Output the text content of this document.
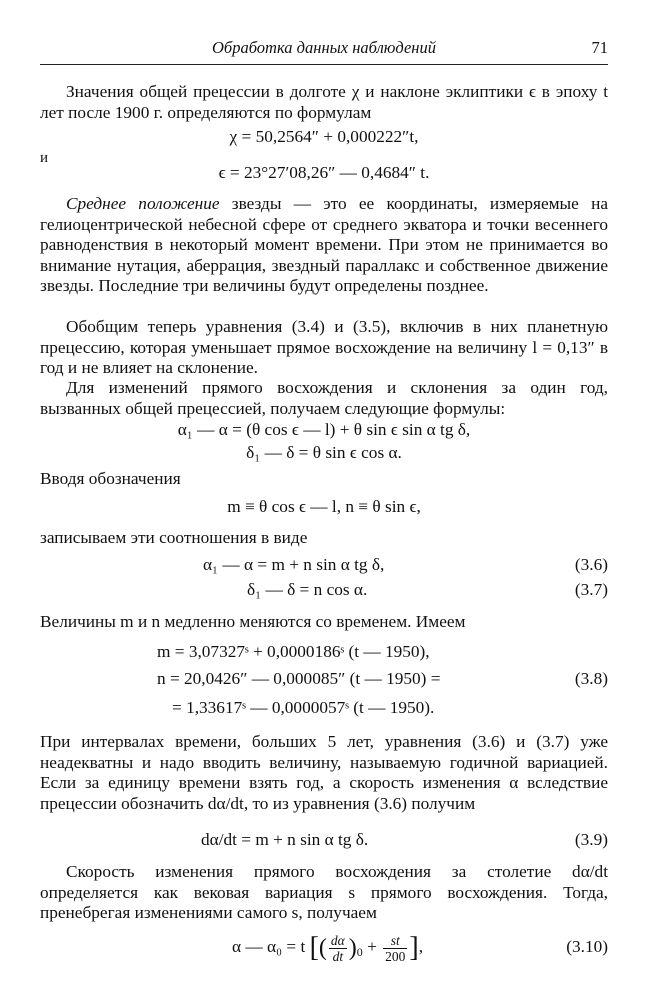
Обработка данных наблюдений	71
Значения общей прецессии в долготе χ и наклоне эклиптики ϵ в эпоху t лет после 1900 г. определяются по формулам
χ = 50,2564″ + 0,000222″t,
и
ϵ = 23°27′08,26″ — 0,4684″ t.
Среднее положение звезды — это ее координаты, измеряемые на гелиоцентрической небесной сфере от среднего экватора и точки весеннего равноденствия в некоторый момент времени. При этом не принимается во внимание нутация, аберрация, звездный параллакс и собственное движение звезды. Последние три величины будут определены позднее.
Обобщим теперь уравнения (3.4) и (3.5), включив в них планетную прецессию, которая уменьшает прямое восхождение на величину l = 0,13″ в год и не влияет на склонение.
Для изменений прямого восхождения и склонения за один год, вызванных общей прецессией, получаем следующие формулы:
α₁ — α = (θ cos ϵ — l) + θ sin ϵ sin α tg δ,
δ₁ — δ = θ sin ϵ cos α.
Вводя обозначения
m ≡ θ cos ϵ — l, n ≡ θ sin ϵ,
записываем эти соотношения в виде
α₁ — α = m + n sin α tg δ,	(3.6)
δ₁ — δ = n cos α.	(3.7)
Величины m и n медленно меняются со временем. Имеем
m = 3,07327ˢ + 0,0000186ˢ (t — 1950),
n = 20,0426″ — 0,000085″ (t — 1950) =	(3.8)
= 1,33617ˢ — 0,0000057ˢ (t — 1950).
При интервалах времени, больших 5 лет, уравнения (3.6) и (3.7) уже неадекватны и надо вводить величину, называемую годичной вариацией. Если за единицу времени взять год, а скорость изменения α вследствие прецессии обозначить dα/dt, то из уравнения (3.6) получим
dα/dt = m + n sin α tg δ.	(3.9)
Скорость изменения прямого восхождения за столетие dα/dt определяется как вековая вариация s прямого восхождения. Тогда, пренебрегая изменениями самого s, получаем
α — α₀ = t [( $\frac{d\alpha}{dt} )_0 + \frac{st}{200}$ ],	(3.10)
